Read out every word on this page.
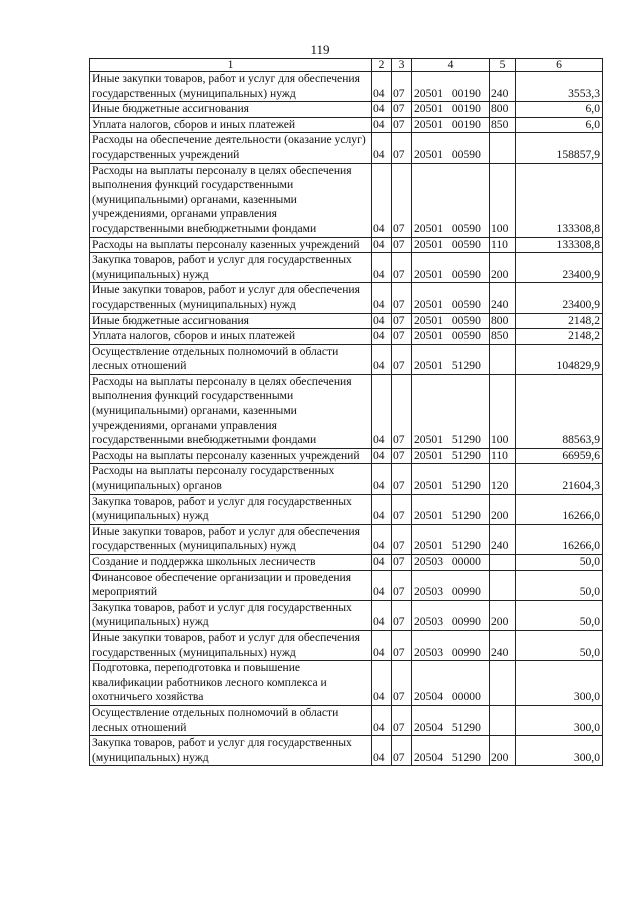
119
1	2	3	4	5	6
Иные закупки товаров, работ и услуг для обеспечения государственных (муниципальных) нужд	04	07	20501 00190	240	3553,3
Иные бюджетные ассигнования	04	07	20501 00190	800	6,0
Уплата налогов, сборов и иных платежей	04	07	20501 00190	850	6,0
Расходы на обеспечение деятельности (оказание услуг) государственных учреждений	04	07	20501 00590		158857,9
Расходы на выплаты персоналу в целях обеспечения выполнения функций государственными (муниципальными) органами, казенными учреждениями, органами управления государственными внебюджетными фондами	04	07	20501 00590	100	133308,8
Расходы на выплаты персоналу казенных учреждений	04	07	20501 00590	110	133308,8
Закупка товаров, работ и услуг для государственных (муниципальных) нужд	04	07	20501 00590	200	23400,9
Иные закупки товаров, работ и услуг для обеспечения государственных (муниципальных) нужд	04	07	20501 00590	240	23400,9
Иные бюджетные ассигнования	04	07	20501 00590	800	2148,2
Уплата налогов, сборов и иных платежей	04	07	20501 00590	850	2148,2
Осуществление отдельных полномочий в области лесных отношений	04	07	20501 51290		104829,9
Расходы на выплаты персоналу в целях обеспечения выполнения функций государственными (муниципальными) органами, казенными учреждениями, органами управления государственными внебюджетными фондами	04	07	20501 51290	100	88563,9
Расходы на выплаты персоналу казенных учреждений	04	07	20501 51290	110	66959,6
Расходы на выплаты персоналу государственных (муниципальных) органов	04	07	20501 51290	120	21604,3
Закупка товаров, работ и услуг для государственных (муниципальных) нужд	04	07	20501 51290	200	16266,0
Иные закупки товаров, работ и услуг для обеспечения государственных (муниципальных) нужд	04	07	20501 51290	240	16266,0
Создание и поддержка школьных лесничеств	04	07	20503 00000		50,0
Финансовое обеспечение организации и проведения мероприятий	04	07	20503 00990		50,0
Закупка товаров, работ и услуг для государственных (муниципальных) нужд	04	07	20503 00990	200	50,0
Иные закупки товаров, работ и услуг для обеспечения государственных (муниципальных) нужд	04	07	20503 00990	240	50,0
Подготовка, переподготовка и повышение квалификации работников лесного комплекса и охотничьего хозяйства	04	07	20504 00000		300,0
Осуществление отдельных полномочий в области лесных отношений	04	07	20504 51290		300,0
Закупка товаров, работ и услуг для государственных (муниципальных) нужд	04	07	20504 51290	200	300,0
